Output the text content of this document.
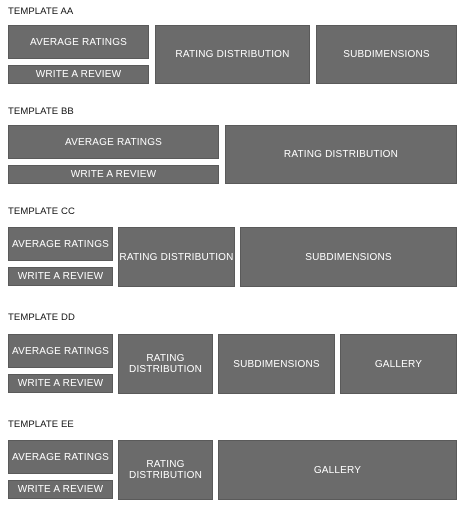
TEMPLATE AA
AVERAGE RATINGS
WRITE A REVIEW
RATING DISTRIBUTION	SUBDIMENSIONS
TEMPLATE BB
AVERAGE RATINGS
WRITE A REVIEW
RATING DISTRIBUTION
TEMPLATE CC
AVERAGE RATINGS
WRITE A REVIEW
RATING DISTRIBUTION	SUBDIMENSIONS
TEMPLATE DD
AVERAGE RATINGS
WRITE A REVIEW
RATING DISTRIBUTION	SUBDIMENSIONS	GALLERY
TEMPLATE EE
AVERAGE RATINGS
WRITE A REVIEW
RATING DISTRIBUTION	GALLERY
